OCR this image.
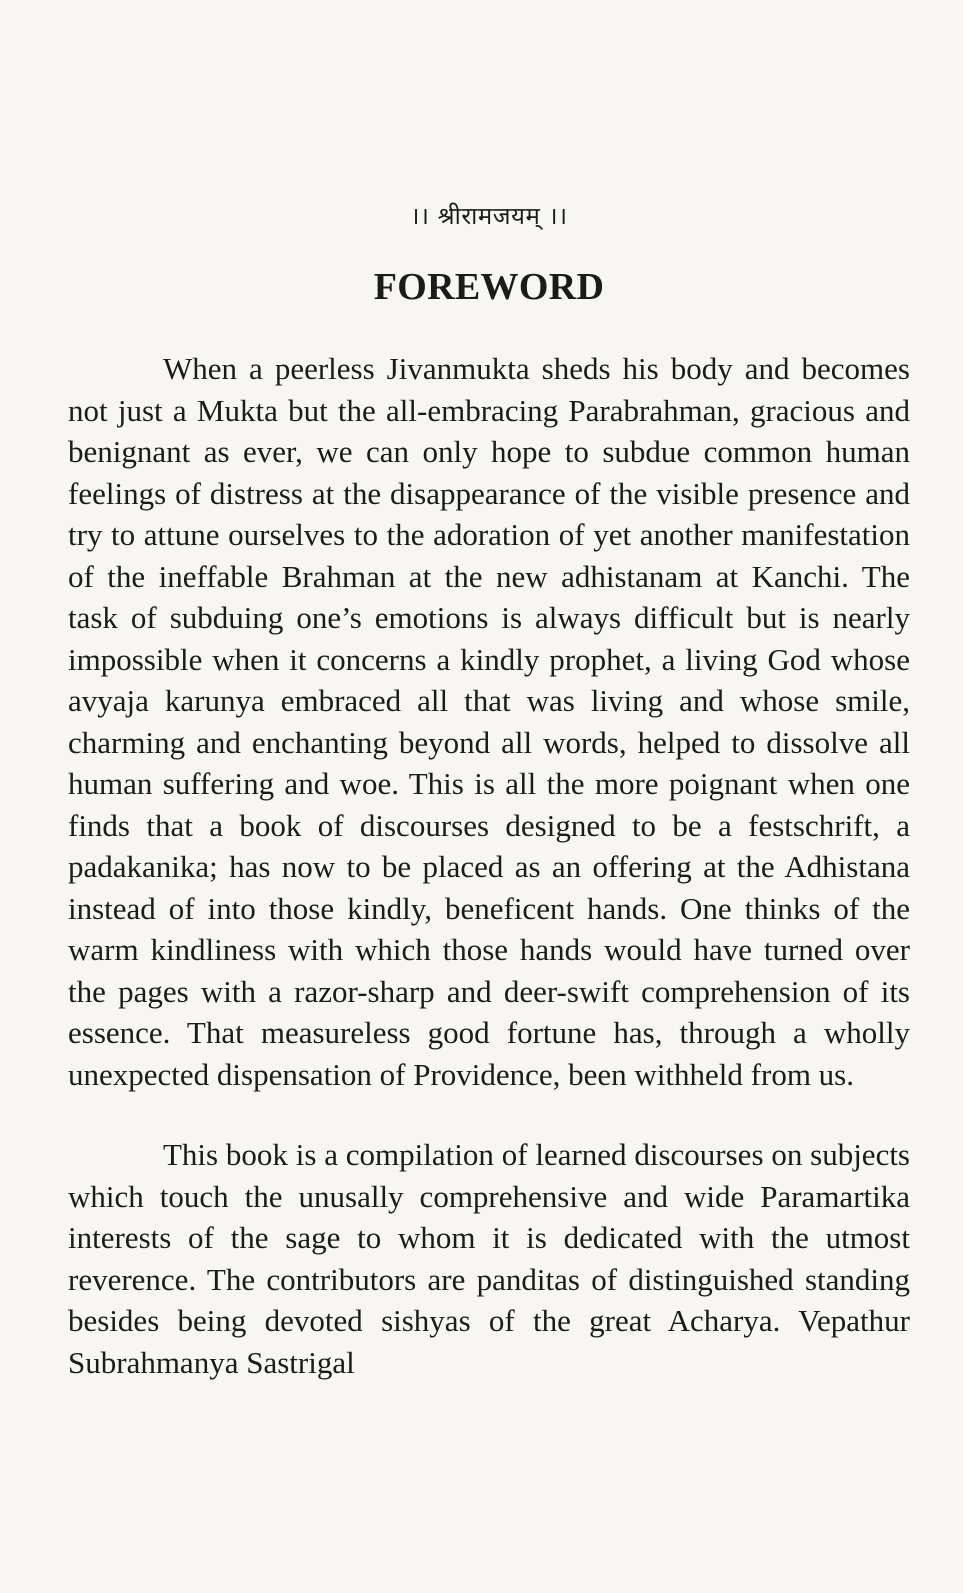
।। श्रीरामजयम् ।।

FOREWORD

When a peerless Jivanmukta sheds his body and becomes not just a Mukta but the all-embracing Parabrahman, gracious and benignant as ever, we can only hope to subdue common human feelings of distress at the disappearance of the visible presence and try to attune ourselves to the adoration of yet another manifestation of the ineffable Brahman at the new adhistanam at Kanchi. The task of subduing one’s emotions is always difficult but is nearly impossible when it concerns a kindly prophet, a living God whose avyaja karunya embraced all that was living and whose smile, charming and enchanting beyond all words, helped to dissolve all human suffering and woe. This is all the more poignant when one finds that a book of discourses designed to be a festschrift, a padakanika; has now to be placed as an offering at the Adhistana instead of into those kindly, beneficent hands. One thinks of the warm kindliness with which those hands would have turned over the pages with a razor-sharp and deer-swift comprehension of its essence. That measureless good fortune has, through a wholly unexpected dispensation of Providence, been withheld from us.

This book is a compilation of learned discourses on subjects which touch the unusally comprehensive and wide Paramartika interests of the sage to whom it is dedicated with the utmost reverence. The contributors are panditas of distinguished standing besides being devoted sishyas of the great Acharya. Vepathur Subrahmanya Sastrigal
